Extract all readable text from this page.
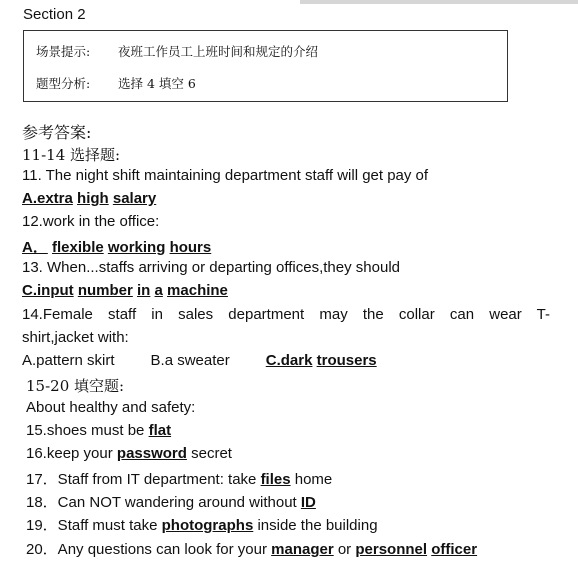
Section 2
场景提示: 夜班工作员工上班时间和规定的介绍
题型分析: 选择 4 填空 6
参考答案:
11-14 选择题:
11. The night shift maintaining department staff will get pay of
A.extra high salary
12.work in the office:
A． flexible working hours
13. When...staffs arriving or departing offices,they should
C.input number in a machine
14.Female staff in sales department may the collar can wear T-
shirt,jacket with:
A.pattern skirt B.a sweater C.dark trousers
15-20 填空题:
About healthy and safety:
15.shoes must be flat
16.keep your password secret
17．Staff from IT department: take files home
18．Can NOT wandering around without ID
19．Staff must take photographs inside the building
20．Any questions can look for your manager or personnel officer
